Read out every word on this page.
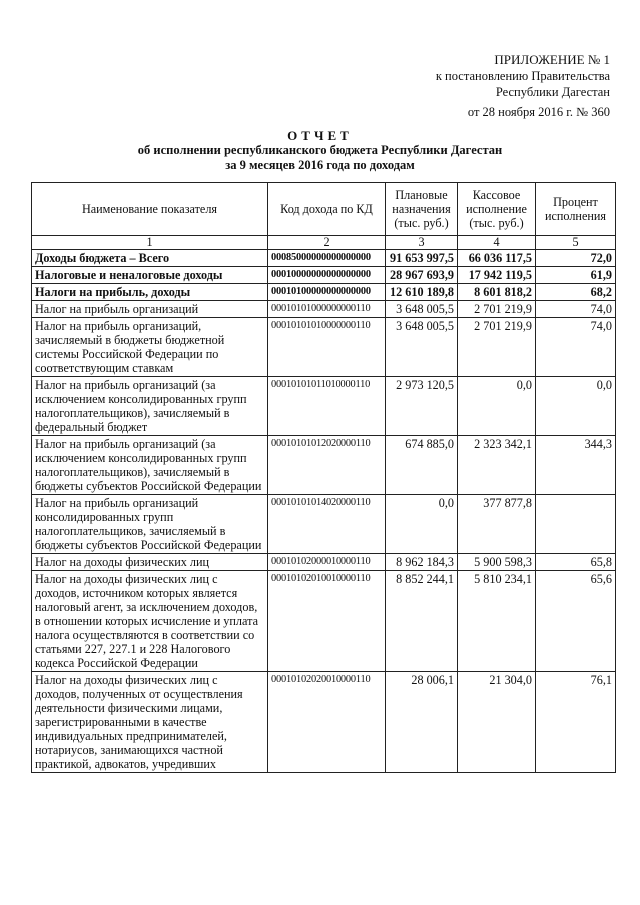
ПРИЛОЖЕНИЕ № 1
к постановлению Правительства
Республики Дагестан
от 28 ноября 2016 г. № 360
ОТЧЕТ
об исполнении республиканского бюджета Республики Дагестан
за 9 месяцев 2016 года по доходам
Наименование показателя	Код дохода по КД	Плановые назначения (тыс. руб.)	Кассовое исполнение (тыс. руб.)	Процент исполнения
1	2	3	4	5
Доходы бюджета – Всего	00085000000000000000	91 653 997,5	66 036 117,5	72,0
Налоговые и неналоговые доходы	00010000000000000000	28 967 693,9	17 942 119,5	61,9
Налоги на прибыль, доходы	00010100000000000000	12 610 189,8	8 601 818,2	68,2
Налог на прибыль организаций	00010101000000000110	3 648 005,5	2 701 219,9	74,0
Налог на прибыль организаций, зачисляемый в бюджеты бюджетной системы Российской Федерации по соответствующим ставкам	00010101010000000110	3 648 005,5	2 701 219,9	74,0
Налог на прибыль организаций (за исключением консолидированных групп налогоплательщиков), зачисляемый в федеральный бюджет	00010101011010000110	2 973 120,5	0,0	0,0
Налог на прибыль организаций (за исключением консолидированных групп налогоплательщиков), зачисляемый в бюджеты субъектов Российской Федерации	00010101012020000110	674 885,0	2 323 342,1	344,3
Налог на прибыль организаций консолидированных групп налогоплательщиков, зачисляемый в бюджеты субъектов Российской Федерации	00010101014020000110	0,0	377 877,8	
Налог на доходы физических лиц	00010102000010000110	8 962 184,3	5 900 598,3	65,8
Налог на доходы физических лиц с доходов, источником которых является налоговый агент, за исключением доходов, в отношении которых исчисление и уплата налога осуществляются в соответствии со статьями 227, 227.1 и 228 Налогового кодекса Российской Федерации	00010102010010000110	8 852 244,1	5 810 234,1	65,6
Налог на доходы физических лиц с доходов, полученных от осуществления деятельности физическими лицами, зарегистрированными в качестве индивидуальных предпринимателей, нотариусов, занимающихся частной практикой, адвокатов, учредивших	00010102020010000110	28 006,1	21 304,0	76,1
